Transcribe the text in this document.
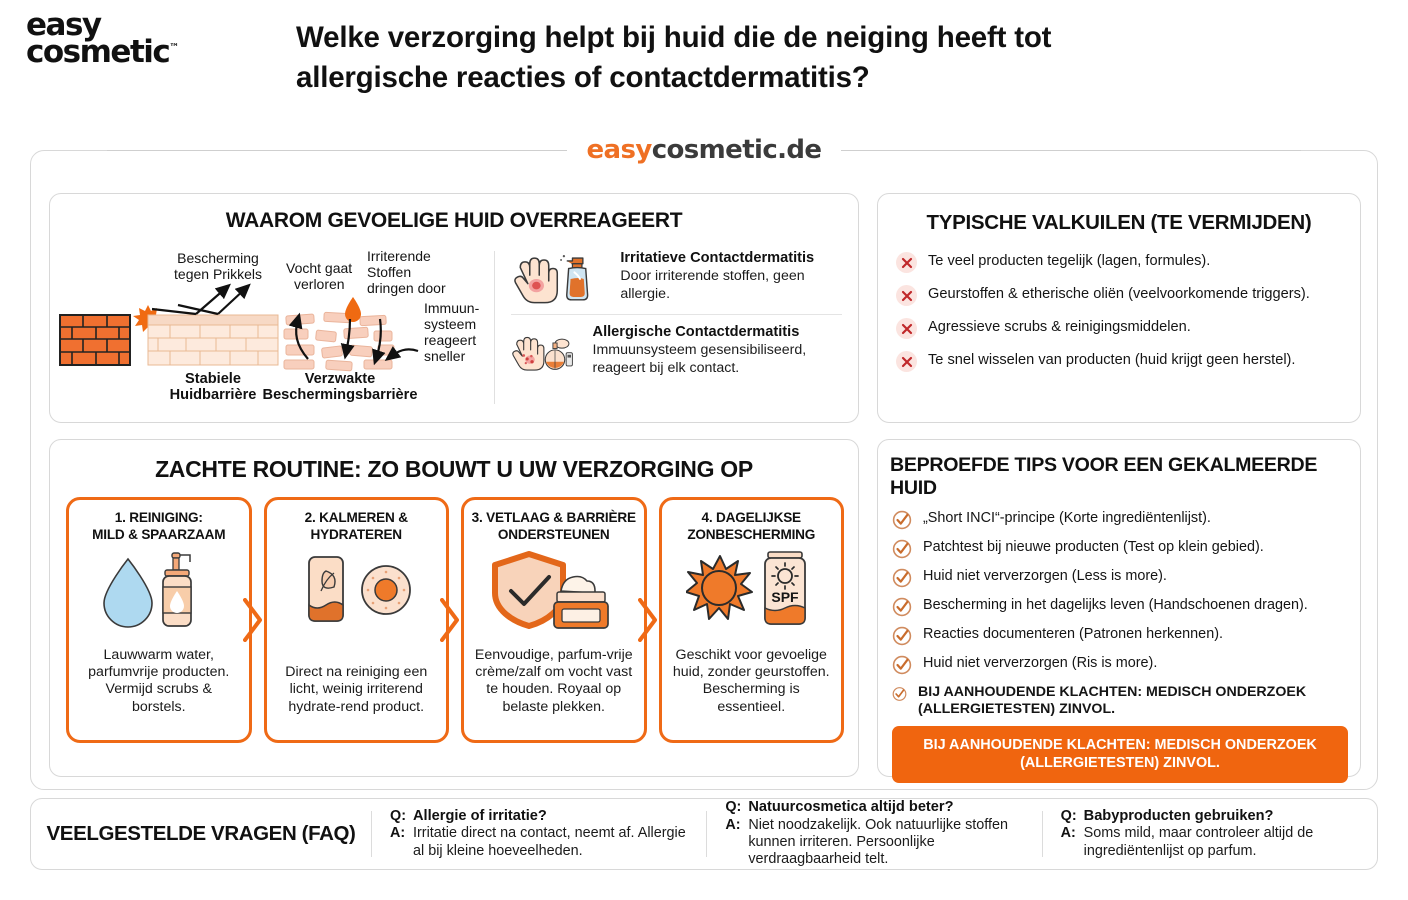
easy
cosmetic™	Welke verzorging helpt bij huid die de neiging heeft tot allergische reacties of contactdermatitis?
easycosmetic.de
WAAROM GEVOELIGE HUID OVERREAGEERT
Bescherming
tegen Prikkels Vocht gaat
verloren
Irriterende
Stoffen
dringen door
Immuun-
systeem
reageert
sneller
Stabiele
Huidbarrière
Verzwakte
Beschermingsbarrière
Irritatieve Contactdermatitis

Door irriterende stoffen, geen allergie.

Allergische Contactdermatitis

Immuunsysteem gesensibiliseerd, reageert bij elk contact.

TYPISCHE VALKUILEN (TE VERMIJDEN)
Te veel producten tegelijk (lagen, formules).
Geurstoffen & etherische oliën (veelvoorkomende triggers).
Agressieve scrubs & reinigingsmiddelen.
Te snel wisselen van producten (huid krijgt geen herstel).
ZACHTE ROUTINE: ZO BOUWT U UW VERZORGING OP
1. REINIGING:
MILD & SPAARZAAM
Lauwwarm water, parfumvrije producten. Vermijd scrubs & borstels.
2. KALMEREN &
HYDRATEREN
Direct na reiniging een licht, weinig irriterend hydrate-rend product.
3. VETLAAG & BARRIÈRE
ONDERSTEUNEN
Eenvoudige, parfum-vrije crème/zalf om vocht vast te houden. Royaal op belaste plekken.
4. DAGELIJKSE
ZONBESCHERMING
SPF
Geschikt voor gevoelige huid, zonder geurstoffen. Bescherming is essentieel.
BEPROEFDE TIPS VOOR EEN GEKALMEERDE HUID
„Short INCI“-principe (Korte ingrediëntenlijst).
Patchtest bij nieuwe producten (Test op klein gebied).
Huid niet ververzorgen (Less is more).
Bescherming in het dagelijks leven (Handschoenen dragen).
Reacties documenteren (Patronen herkennen).
Huid niet ververzorgen (Ris is more).
BIJ AANHOUDENDE KLACHTEN: MEDISCH ONDERZOEK (ALLERGIETESTEN) ZINVOL.
BIJ AANHOUDENDE KLACHTEN: MEDISCH ONDERZOEK (ALLERGIETESTEN) ZINVOL.
VEELGESTELDE VRAGEN (FAQ)
Q: Allergie of irritatie?
A: Irritatie direct na contact, neemt af. Allergie al bij kleine hoeveelheden.
Q: Natuurcosmetica altijd beter?
A: Niet noodzakelijk. Ook natuurlijke stoffen kunnen irriteren. Persoonlijke verdraagbaarheid telt.
Q: Babyproducten gebruiken?
A: Soms mild, maar controleer altijd de ingrediëntenlijst op parfum.
